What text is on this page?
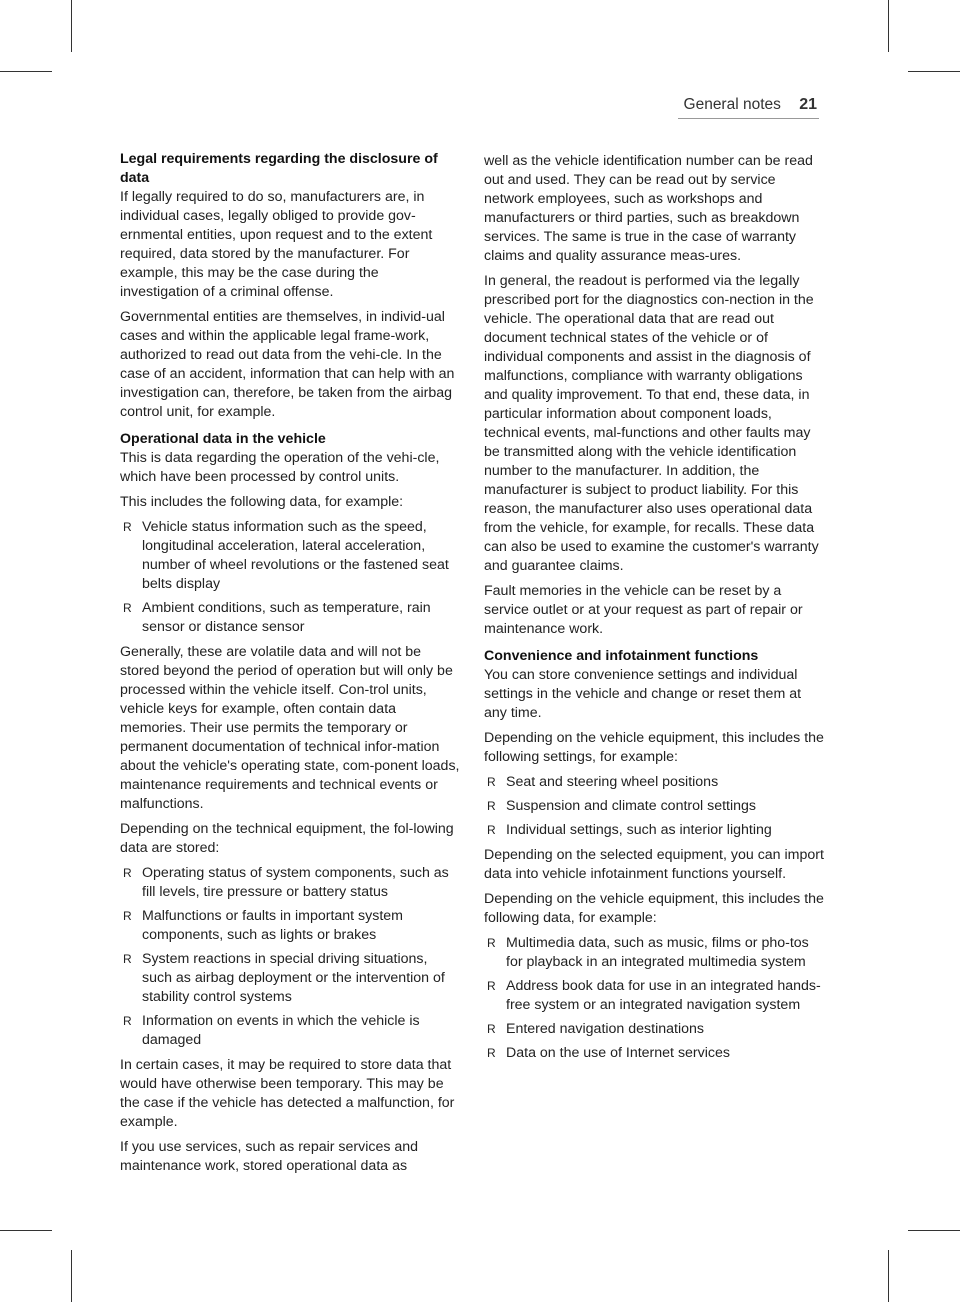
General notes 21
Legal requirements regarding the disclosure of data

If legally required to do so, manufacturers are, in individual cases, legally obliged to provide gov-ernmental entities, upon request and to the extent required, data stored by the manufacturer. For example, this may be the case during the investigation of a criminal offense.

Governmental entities are themselves, in individ-ual cases and within the applicable legal frame-work, authorized to read out data from the vehi-cle. In the case of an accident, information that can help with an investigation can, therefore, be taken from the airbag control unit, for example.

Operational data in the vehicle

This is data regarding the operation of the vehi-cle, which have been processed by control units.

This includes the following data, for example:

R Vehicle status information such as the speed, longitudinal acceleration, lateral acceleration, number of wheel revolutions or the fastened seat belts display
R Ambient conditions, such as temperature, rain sensor or distance sensor

Generally, these are volatile data and will not be stored beyond the period of operation but will only be processed within the vehicle itself. Con-trol units, vehicle keys for example, often contain data memories. Their use permits the temporary or permanent documentation of technical infor-mation about the vehicle's operating state, com-ponent loads, maintenance requirements and technical events or malfunctions.

Depending on the technical equipment, the fol-lowing data are stored:

R Operating status of system components, such as fill levels, tire pressure or battery status
R Malfunctions or faults in important system components, such as lights or brakes
R System reactions in special driving situations, such as airbag deployment or the intervention of stability control systems
R Information on events in which the vehicle is damaged

In certain cases, it may be required to store data that would have otherwise been temporary. This may be the case if the vehicle has detected a malfunction, for example.

If you use services, such as repair services and maintenance work, stored operational data as

well as the vehicle identification number can be read out and used. They can be read out by service network employees, such as workshops and manufacturers or third parties, such as breakdown services. The same is true in the case of warranty claims and quality assurance meas-ures.

In general, the readout is performed via the legally prescribed port for the diagnostics con-nection in the vehicle. The operational data that are read out document technical states of the vehicle or of individual components and assist in the diagnosis of malfunctions, compliance with warranty obligations and quality improvement. To that end, these data, in particular information about component loads, technical events, mal-functions and other faults may be transmitted along with the vehicle identification number to the manufacturer. In addition, the manufacturer is subject to product liability. For this reason, the manufacturer also uses operational data from the vehicle, for example, for recalls. These data can also be used to examine the customer's warranty and guarantee claims.

Fault memories in the vehicle can be reset by a service outlet or at your request as part of repair or maintenance work.

Convenience and infotainment functions

You can store convenience settings and individual settings in the vehicle and change or reset them at any time.

Depending on the vehicle equipment, this includes the following settings, for example:

R Seat and steering wheel positions
R Suspension and climate control settings
R Individual settings, such as interior lighting

Depending on the selected equipment, you can import data into vehicle infotainment functions yourself.

Depending on the vehicle equipment, this includes the following data, for example:

R Multimedia data, such as music, films or pho-tos for playback in an integrated multimedia system
R Address book data for use in an integrated hands-free system or an integrated navigation system
R Entered navigation destinations
R Data on the use of Internet services
